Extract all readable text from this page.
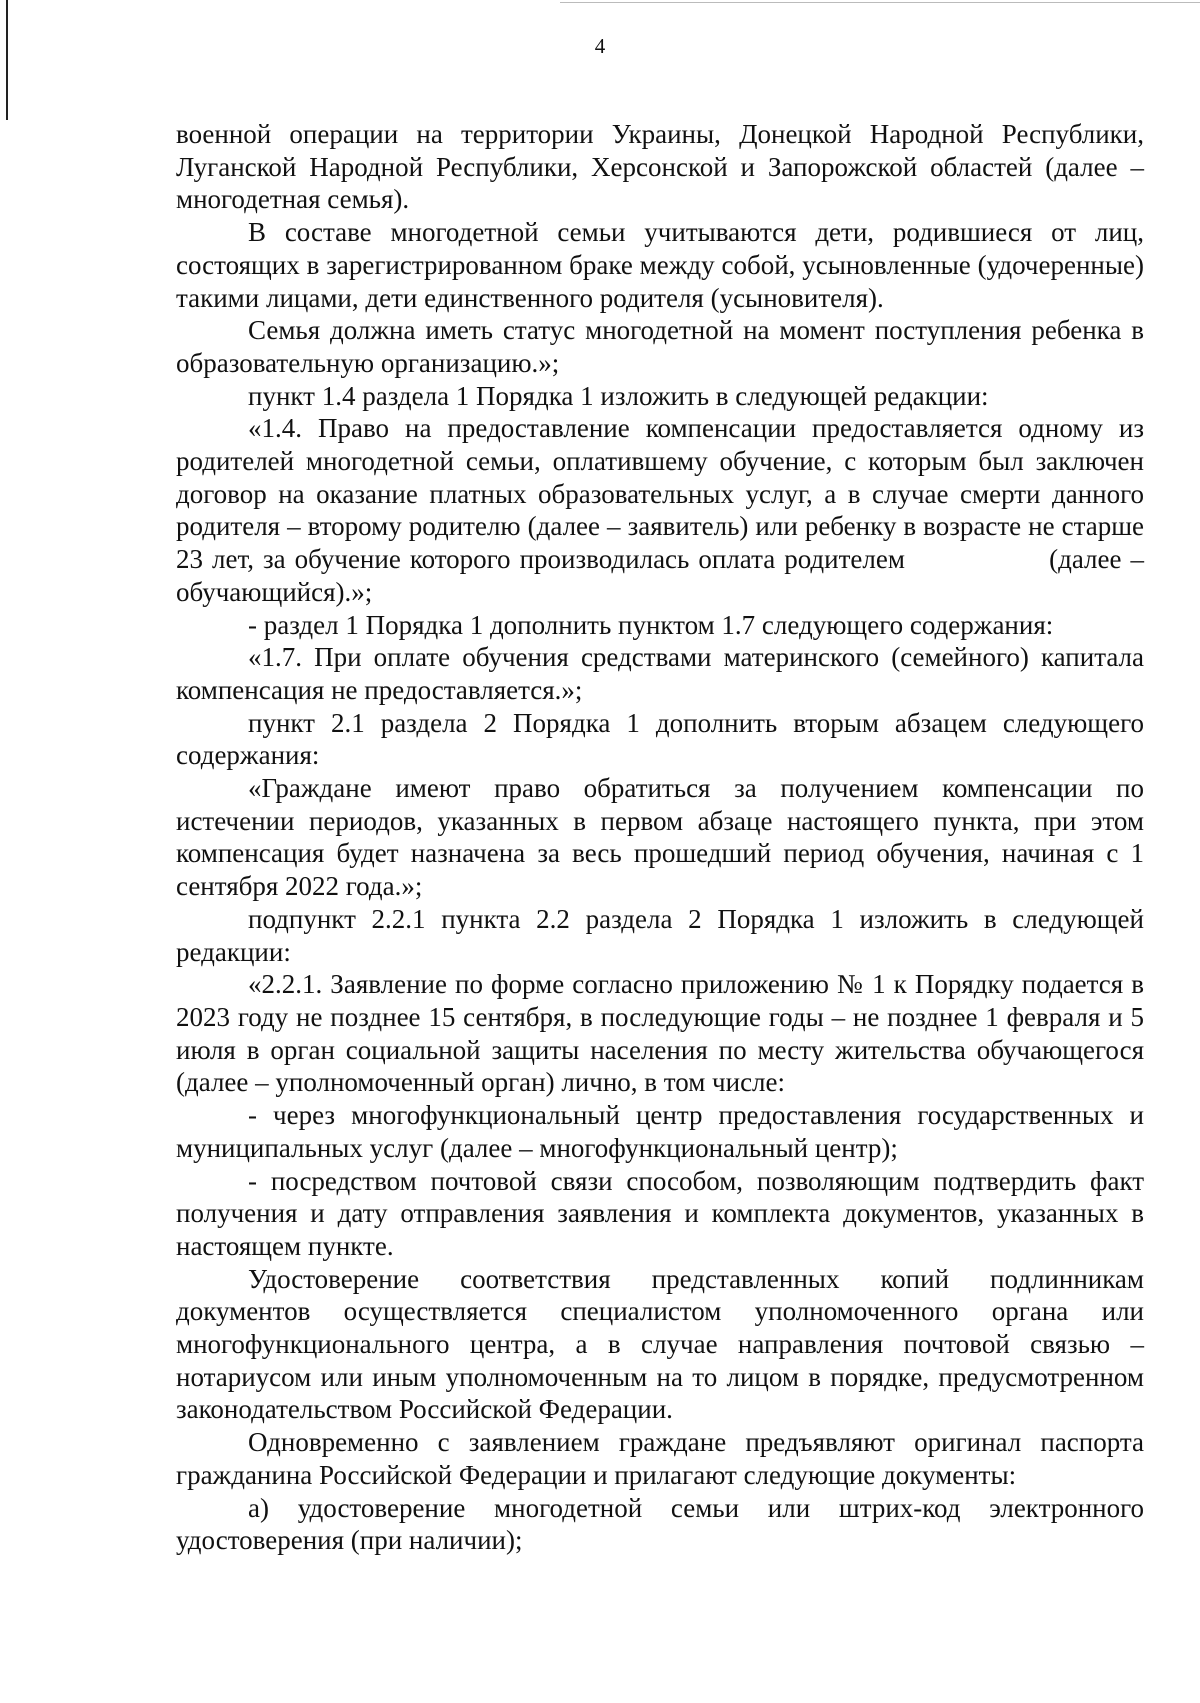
4

военной операции на территории Украины, Донецкой Народной Республики, Луганской Народной Республики, Херсонской и Запорожской областей (далее – многодетная семья).

В составе многодетной семьи учитываются дети, родившиеся от лиц, состоящих в зарегистрированном браке между собой, усыновленные (удочеренные) такими лицами, дети единственного родителя (усыновителя).

Семья должна иметь статус многодетной на момент поступления ребенка в образовательную организацию.»;

пункт 1.4 раздела 1 Порядка 1 изложить в следующей редакции:

«1.4. Право на предоставление компенсации предоставляется одному из родителей многодетной семьи, оплатившему обучение, с которым был заключен договор на оказание платных образовательных услуг, а в случае смерти данного родителя – второму родителю (далее – заявитель) или ребенку в возрасте не старше 23 лет, за обучение которого производилась оплата родителем                (далее – обучающийся).»;

- раздел 1 Порядка 1 дополнить пунктом 1.7 следующего содержания:

«1.7. При оплате обучения средствами материнского (семейного) капитала компенсация не предоставляется.»;

пункт 2.1 раздела 2 Порядка 1 дополнить вторым абзацем следующего содержания:

«Граждане имеют право обратиться за получением компенсации по истечении периодов, указанных в первом абзаце настоящего пункта, при этом компенсация будет назначена за весь прошедший период обучения, начиная с 1 сентября 2022 года.»;

подпункт 2.2.1 пункта 2.2 раздела 2 Порядка 1 изложить в следующей редакции:

«2.2.1. Заявление по форме согласно приложению № 1 к Порядку подается в 2023 году не позднее 15 сентября, в последующие годы – не позднее 1 февраля и 5 июля в орган социальной защиты населения по месту жительства обучающегося (далее – уполномоченный орган) лично, в том числе:

- через многофункциональный центр предоставления государственных и муниципальных услуг (далее – многофункциональный центр);

- посредством почтовой связи способом, позволяющим подтвердить факт получения и дату отправления заявления и комплекта документов, указанных в настоящем пункте.

Удостоверение соответствия представленных копий подлинникам документов осуществляется специалистом уполномоченного органа или многофункционального центра, а в случае направления почтовой связью – нотариусом или иным уполномоченным на то лицом в порядке, предусмотренном законодательством Российской Федерации.

Одновременно с заявлением граждане предъявляют оригинал паспорта гражданина Российской Федерации и прилагают следующие документы:

а) удостоверение многодетной семьи или штрих-код электронного удостоверения (при наличии);
